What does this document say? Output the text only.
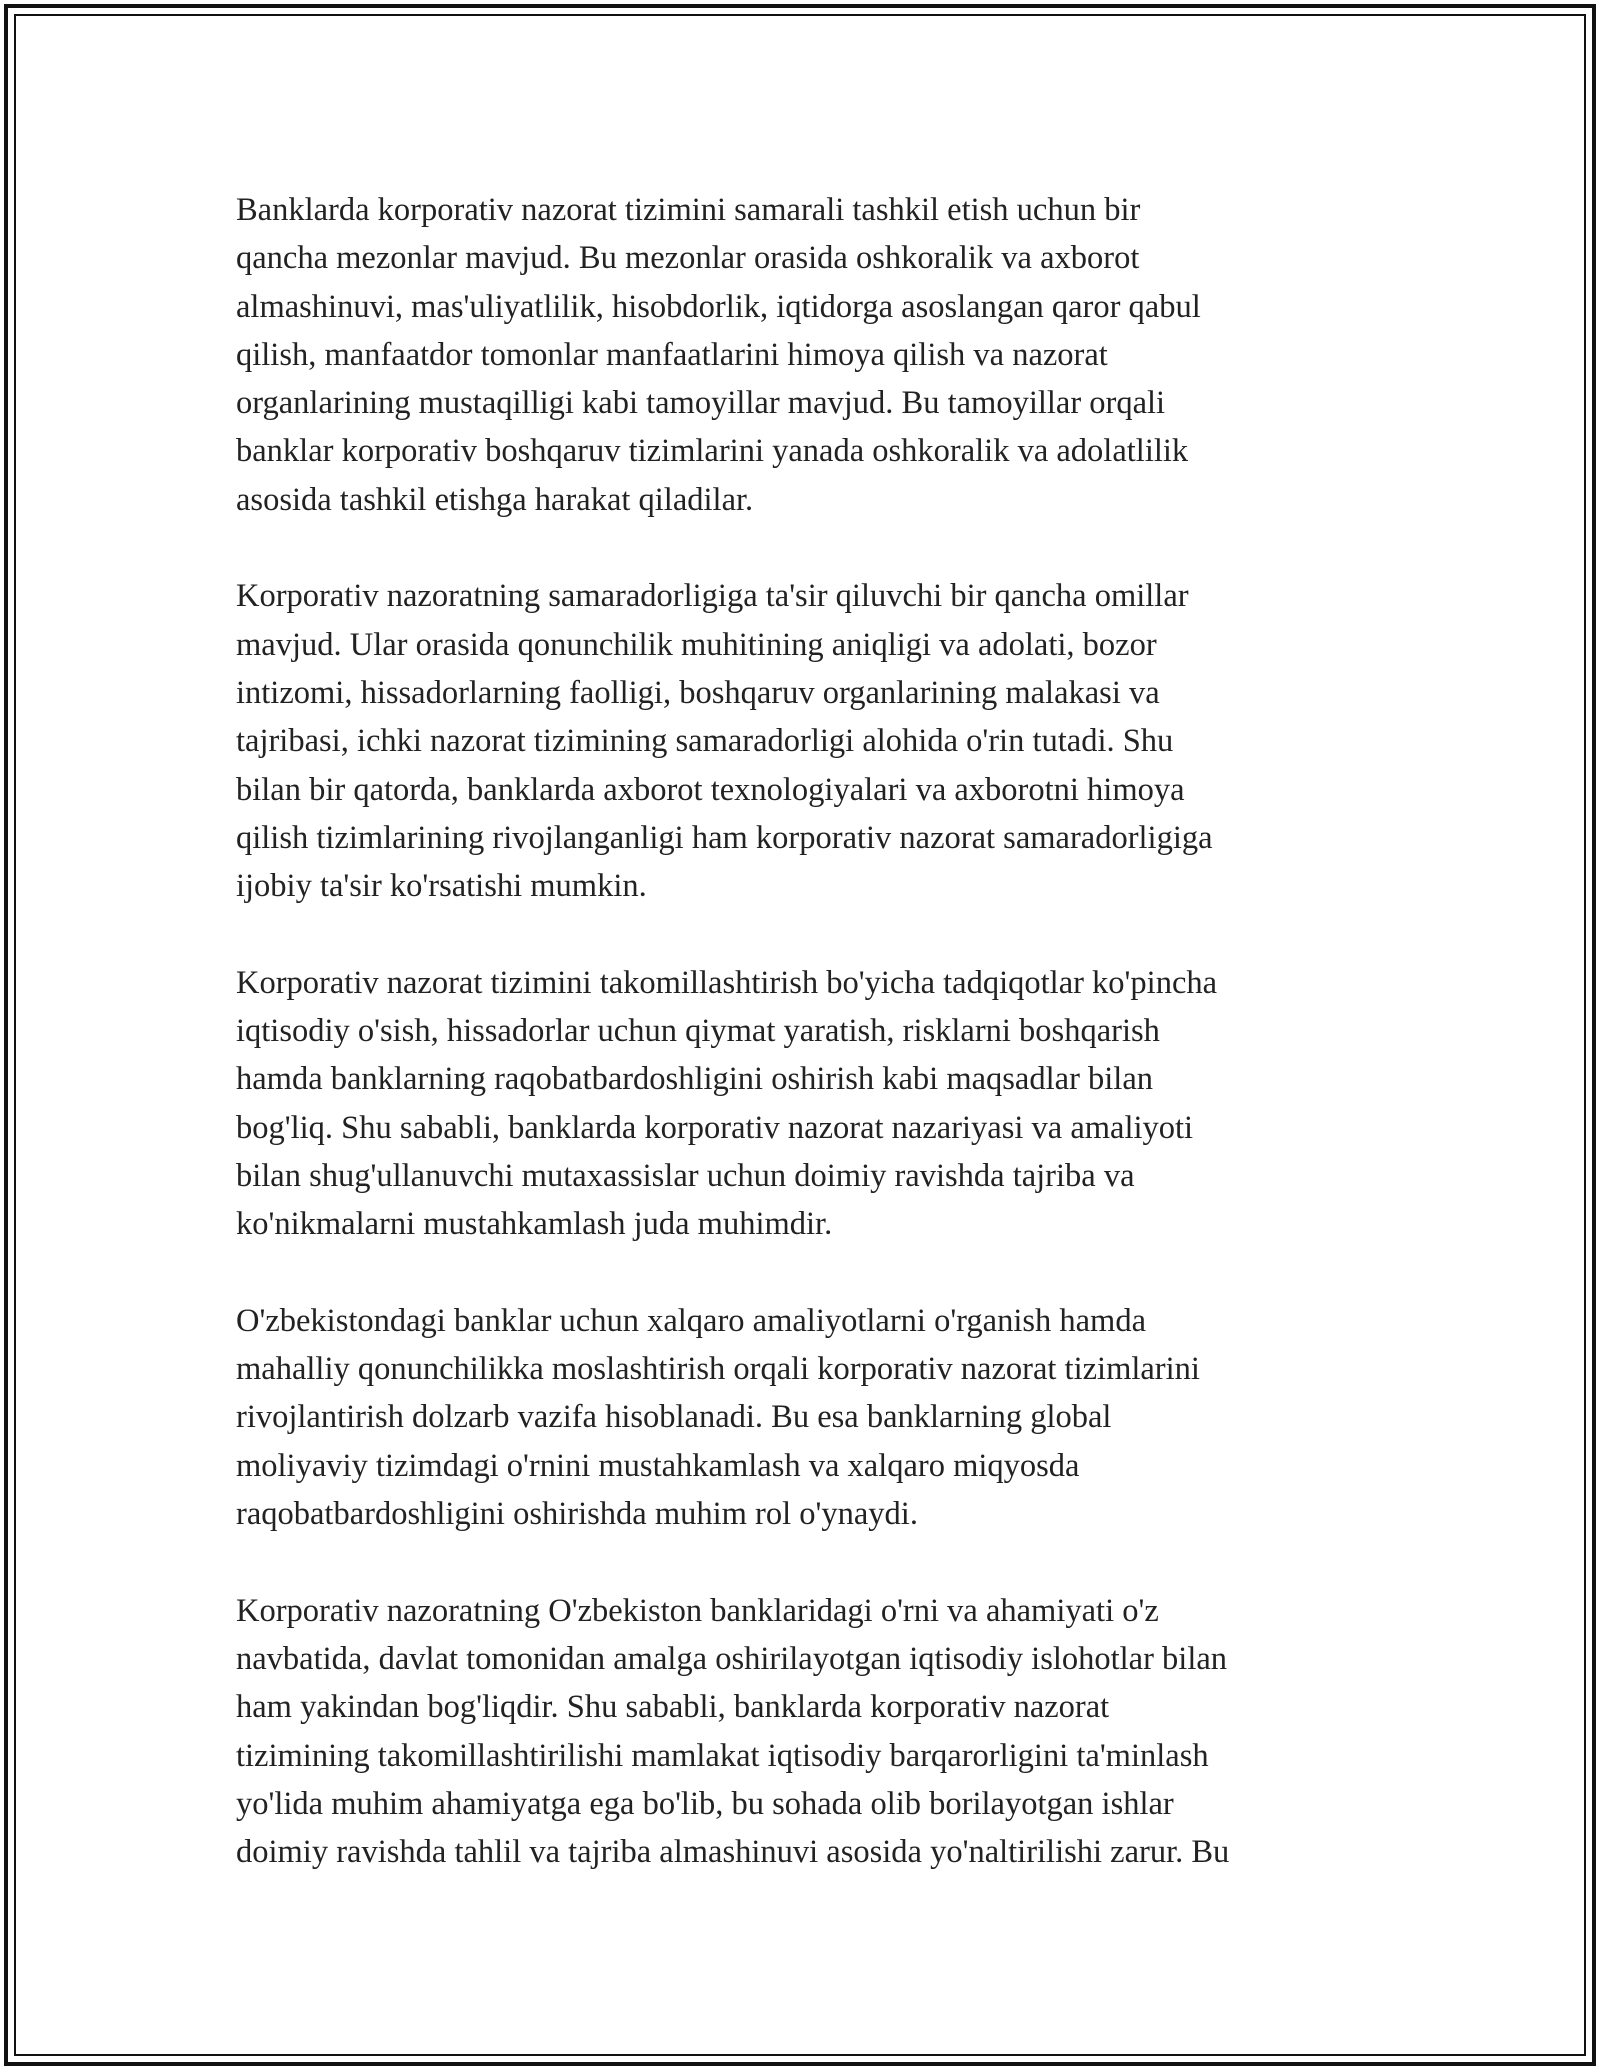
Banklarda korporativ nazorat tizimini samarali tashkil etish uchun bir
qancha mezonlar mavjud. Bu mezonlar orasida oshkoralik va axborot
almashinuvi, mas'uliyatlilik, hisobdorlik, iqtidorga asoslangan qaror qabul
qilish, manfaatdor tomonlar manfaatlarini himoya qilish va nazorat
organlarining mustaqilligi kabi tamoyillar mavjud. Bu tamoyillar orqali
banklar korporativ boshqaruv tizimlarini yanada oshkoralik va adolatlilik
asosida tashkil etishga harakat qiladilar.

Korporativ nazoratning samaradorligiga ta'sir qiluvchi bir qancha omillar
mavjud. Ular orasida qonunchilik muhitining aniqligi va adolati, bozor
intizomi, hissadorlarning faolligi, boshqaruv organlarining malakasi va
tajribasi, ichki nazorat tizimining samaradorligi alohida o'rin tutadi. Shu
bilan bir qatorda, banklarda axborot texnologiyalari va axborotni himoya
qilish tizimlarining rivojlanganligi ham korporativ nazorat samaradorligiga
ijobiy ta'sir ko'rsatishi mumkin.

Korporativ nazorat tizimini takomillashtirish bo'yicha tadqiqotlar ko'pincha
iqtisodiy o'sish, hissadorlar uchun qiymat yaratish, risklarni boshqarish
hamda banklarning raqobatbardoshligini oshirish kabi maqsadlar bilan
bog'liq. Shu sababli, banklarda korporativ nazorat nazariyasi va amaliyoti
bilan shug'ullanuvchi mutaxassislar uchun doimiy ravishda tajriba va
ko'nikmalarni mustahkamlash juda muhimdir.

O'zbekistondagi banklar uchun xalqaro amaliyotlarni o'rganish hamda
mahalliy qonunchilikka moslashtirish orqali korporativ nazorat tizimlarini
rivojlantirish dolzarb vazifa hisoblanadi. Bu esa banklarning global
moliyaviy tizimdagi o'rnini mustahkamlash va xalqaro miqyosda
raqobatbardoshligini oshirishda muhim rol o'ynaydi.

Korporativ nazoratning O'zbekiston banklaridagi o'rni va ahamiyati o'z
navbatida, davlat tomonidan amalga oshirilayotgan iqtisodiy islohotlar bilan
ham yakindan bog'liqdir. Shu sababli, banklarda korporativ nazorat
tizimining takomillashtirilishi mamlakat iqtisodiy barqarorligini ta'minlash
yo'lida muhim ahamiyatga ega bo'lib, bu sohada olib borilayotgan ishlar
doimiy ravishda tahlil va tajriba almashinuvi asosida yo'naltirilishi zarur. Bu
